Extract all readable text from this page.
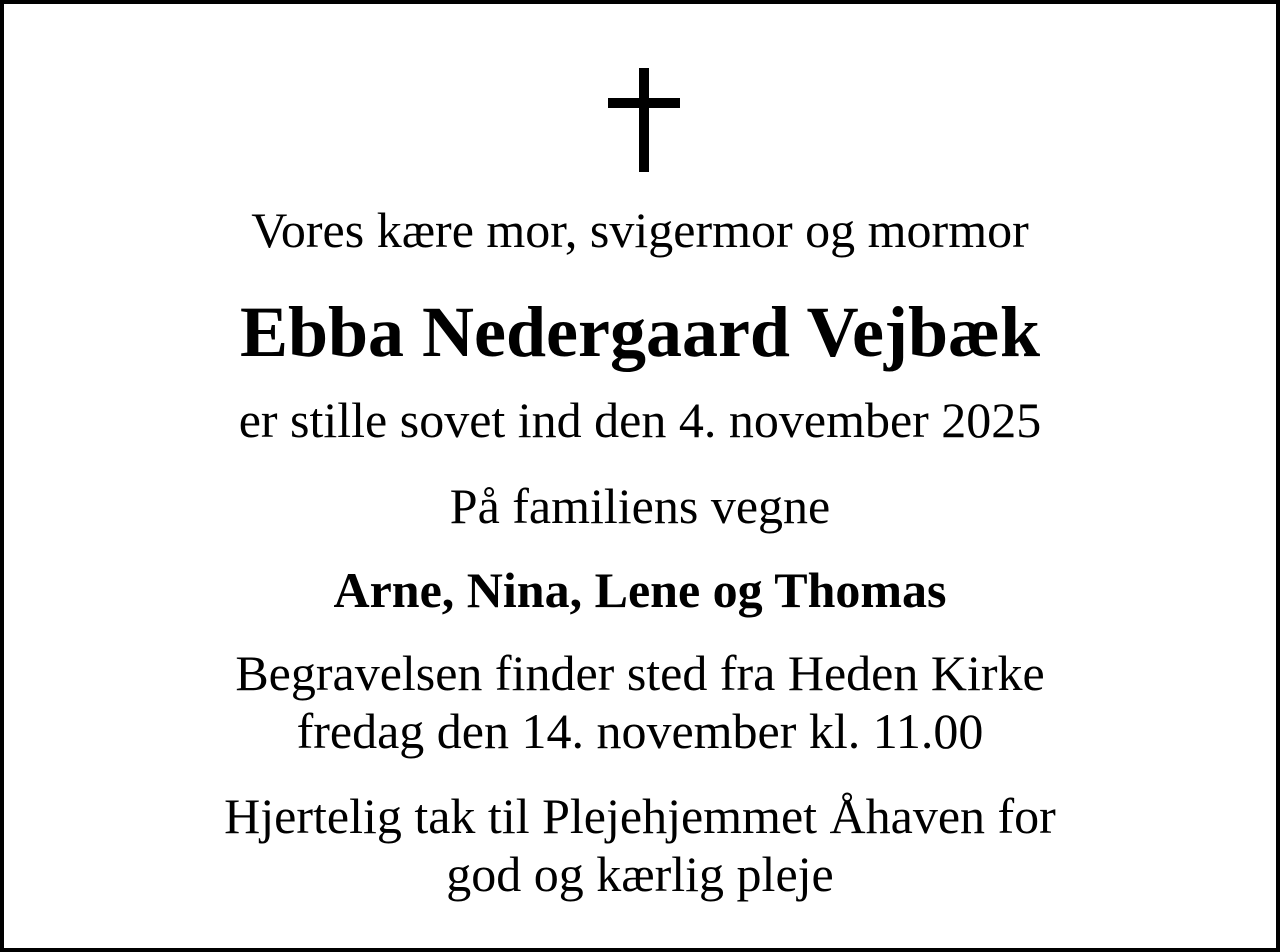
Vores kære mor, svigermor og mormor

Ebba Nedergaard Vejbæk

er stille sovet ind den 4. november 2025

På familiens vegne

Arne, Nina, Lene og Thomas

Begravelsen finder sted fra Heden Kirke
fredag den 14. november kl. 11.00

Hjertelig tak til Plejehjemmet Åhaven for
god og kærlig pleje
